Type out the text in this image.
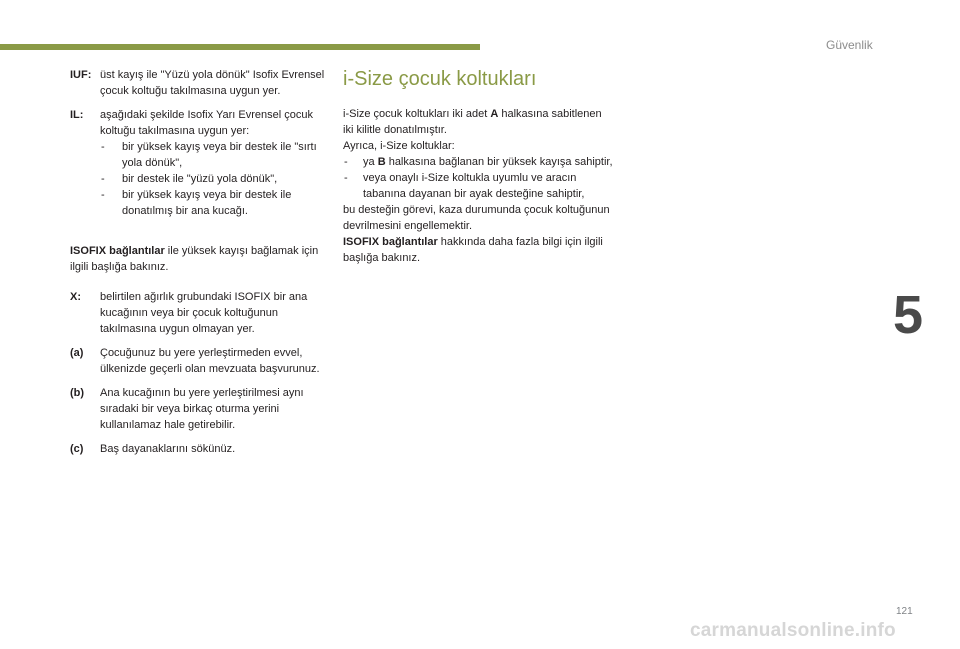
Güvenlik
5
IUF: üst kayış ile "Yüzü yola dönük" Isofix Evrensel çocuk koltuğu takılmasına uygun yer.

IL:	aşağıdaki şekilde Isofix Yarı Evrensel çocuk koltuğu takılmasına uygun yer:

- bir yüksek kayış veya bir destek ile "sırtı yola dönük",
- bir destek ile "yüzü yola dönük",
- bir yüksek kayış veya bir destek ile donatılmış bir ana kucağı.

ISOFIX bağlantılar ile yüksek kayışı bağlamak için ilgili başlığa bakınız.

X:	belirtilen ağırlık grubundaki ISOFIX bir ana kucağının veya bir çocuk koltuğunun takılmasına uygun olmayan yer.

(a)	Çocuğunuz bu yere yerleştirmeden evvel, ülkenizde geçerli olan mevzuata başvurunuz.

(b)	Ana kucağının bu yere yerleştirilmesi aynı sıradaki bir veya birkaç oturma yerini kullanılamaz hale getirebilir.

(c)	Baş dayanaklarını sökünüz.

i-Size çocuk koltukları

i-Size çocuk koltukları iki adet A halkasına sabitlenen iki kilitle donatılmıştır.

Ayrıca, i-Size koltuklar:

- ya B halkasına bağlanan bir yüksek kayışa sahiptir,
- veya onaylı i-Size koltukla uyumlu ve aracın tabanına dayanan bir ayak desteğine sahiptir,

bu desteğin görevi, kaza durumunda çocuk koltuğunun devrilmesini engellemektir.

ISOFIX bağlantılar hakkında daha fazla bilgi için ilgili başlığa bakınız.

121
carmanualsonline.info
